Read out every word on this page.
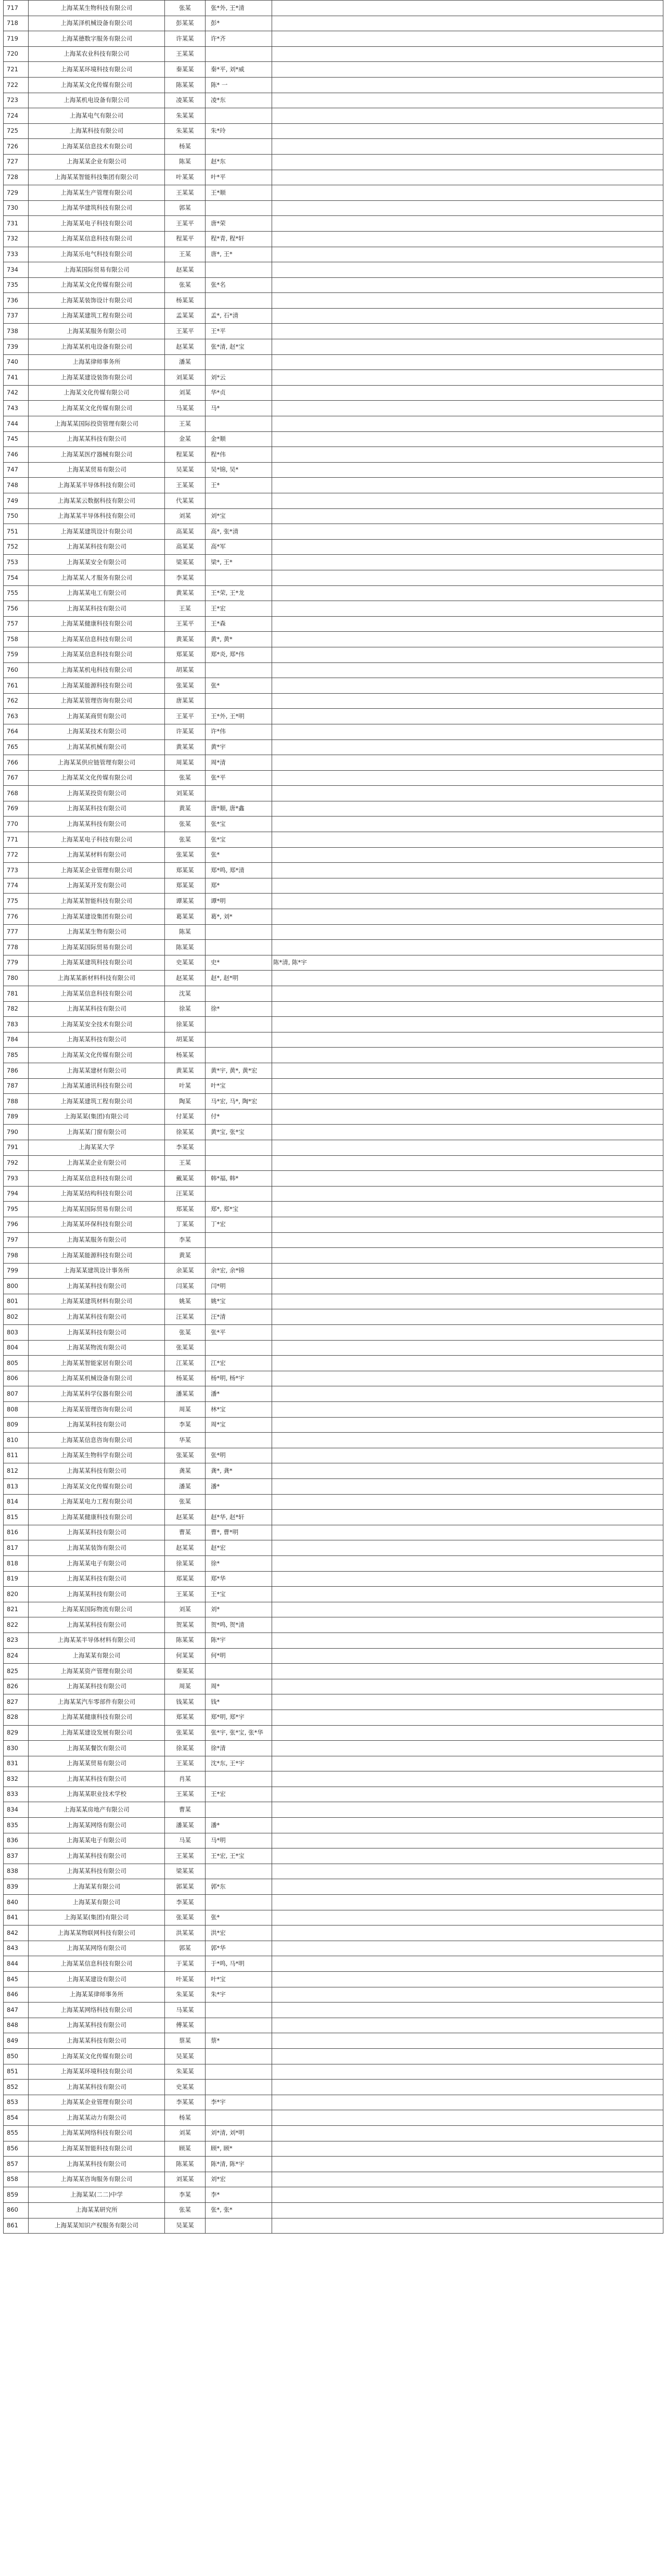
717	上海某某生物科技有限公司	张某	张*外, 王*清	
718	上海某泽机械设备有限公司	彭某某	彭*	
719	上海某德数字服务有限公司	许某某	许*齐	
720	上海某农业科技有限公司	王某某		
721	上海某某环境科技有限公司	秦某某	秦*平, 刘*威	
722	上海某某文化传媒有限公司	陈某某	陈* 一	
723	上海某机电设备有限公司	凌某某	凌*东	
724	上海某电气有限公司	朱某某		
725	上海某科技有限公司	朱某某	朱*玲	
726	上海某某信息技术有限公司	杨某		
727	上海某某企业有限公司	陈某	赵*东	
728	上海某某智能科技集团有限公司	叶某某	叶*平	
729	上海某某生产管理有限公司	王某某	王*顺	
730	上海某华建筑科技有限公司	郭某		
731	上海某某电子科技有限公司	王某平	唐*荣	
732	上海某某信息科技有限公司	程某平	程*青, 程*轩	
733	上海某乐电气科技有限公司	王某	唐*, 王*	
734	上海某国际贸易有限公司	赵某某		
735	上海某某文化传媒有限公司	张某	张*名	
736	上海某某装饰设计有限公司	杨某某		
737	上海某某建筑工程有限公司	孟某某	孟*, 石*清	
738	上海某某服务有限公司	王某平	王*平	
739	上海某某机电设备有限公司	赵某某	张*清, 赵*宝	
740	上海某律师事务所	潘某		
741	上海某某建设装饰有限公司	刘某某	刘*云	
742	上海某文化传媒有限公司	刘某	华*贞	
743	上海某某文化传媒有限公司	马某某	马*	
744	上海某某国际投资管理有限公司	王某		
745	上海某某科技有限公司	金某	金*顺	
746	上海某某医疗器械有限公司	程某某	程*伟	
747	上海某某贸易有限公司	吴某某	吴*锦, 吴*	
748	上海某某半导体科技有限公司	王某某	王*	
749	上海某某云数据科技有限公司	代某某		
750	上海某某半导体科技有限公司	刘某	刘*宝	
751	上海某某建筑设计有限公司	高某某	高*, 张*清	
752	上海某某科技有限公司	高某某	高*军	
753	上海某某安全有限公司	梁某某	梁*, 王*	
754	上海某某人才服务有限公司	李某某		
755	上海某某电工有限公司	黄某某	王*荣, 王*龙	
756	上海某某科技有限公司	王某	王*宏	
757	上海某某健康科技有限公司	王某平	王*森	
758	上海某某信息科技有限公司	黄某某	黄*, 黄*	
759	上海某某信息科技有限公司	郑某某	郑*炎, 郑*伟	
760	上海某某机电科技有限公司	胡某某		
761	上海某某能源科技有限公司	张某某	张*	
762	上海某某管理咨询有限公司	唐某某		
763	上海某某商贸有限公司	王某平	王*外, 王*明	
764	上海某某技术有限公司	许某某	许*伟	
765	上海某某机械有限公司	黄某某	黄*宇	
766	上海某某供应链管理有限公司	周某某	周*清	
767	上海某某文化传媒有限公司	张某	张*平	
768	上海某某投资有限公司	刘某某		
769	上海某某科技有限公司	黄某	唐*顺, 唐*鑫	
770	上海某某科技有限公司	张某	张*宝	
771	上海某某电子科技有限公司	张某	张*宝	
772	上海某某材料有限公司	张某某	张*	
773	上海某某企业管理有限公司	郑某某	郑*鸣, 郑*清	
774	上海某某开发有限公司	郑某某	郑*	
775	上海某某智能科技有限公司	谭某某	谭*明	
776	上海某某建设集团有限公司	葛某某	葛*, 刘*	
777	上海某某生物有限公司	陈某		
778	上海某某国际贸易有限公司	陈某某		
779	上海某某建筑科技有限公司	史某某	史*	陈*清, 陈*宇
780	上海某某新材料科技有限公司	赵某某	赵*, 赵*明	
781	上海某某信息科技有限公司	沈某		
782	上海某某科技有限公司	徐某	徐*	
783	上海某某安全技术有限公司	徐某某		
784	上海某某科技有限公司	胡某某		
785	上海某某文化传媒有限公司	杨某某		
786	上海某某建材有限公司	黄某某	黄*宇, 黄*, 黄*宏	
787	上海某某通讯科技有限公司	叶某	叶*宝	
788	上海某某建筑工程有限公司	陶某	马*宏, 马*, 陶*宏	
789	上海某某(集团)有限公司	付某某	付*	
790	上海某某门窗有限公司	徐某某	黄*宝, 张*宝	
791	上海某某大学	李某某		
792	上海某某企业有限公司	王某		
793	上海某某信息科技有限公司	戴某某	韩*福, 韩*	
794	上海某某结构科技有限公司	汪某某		
795	上海某某国际贸易有限公司	郑某某	郑*, 郑*宝	
796	上海某某环保科技有限公司	丁某某	丁*宏	
797	上海某某服务有限公司	李某		
798	上海某某能源科技有限公司	黄某		
799	上海某某建筑设计事务所	余某某	余*宏, 余*锦	
800	上海某某科技有限公司	闫某某	闫*明	
801	上海某某建筑材料有限公司	姚某	姚*宝	
802	上海某某科技有限公司	汪某某	汪*清	
803	上海某某科技有限公司	张某	张*平	
804	上海某某物流有限公司	张某某		
805	上海某某智能家居有限公司	江某某	江*宏	
806	上海某某机械设备有限公司	杨某某	杨*明, 杨*宇	
807	上海某某科学仪器有限公司	潘某某	潘*	
808	上海某某管理咨询有限公司	周某	林*宝	
809	上海某某科技有限公司	李某	周*宝	
810	上海某某信息咨询有限公司	华某		
811	上海某某生物科学有限公司	张某某	张*明	
812	上海某某科技有限公司	龚某	龚*, 龚*	
813	上海某某文化传媒有限公司	潘某	潘*	
814	上海某某电力工程有限公司	张某		
815	上海某某健康科技有限公司	赵某某	赵*华, 赵*轩	
816	上海某某科技有限公司	曹某	曹*, 曹*明	
817	上海某某装饰有限公司	赵某某	赵*宏	
818	上海某某电子有限公司	徐某某	徐*	
819	上海某某科技有限公司	郑某某	郑*华	
820	上海某某科技有限公司	王某某	王*宝	
821	上海某某国际物流有限公司	刘某	刘*	
822	上海某某科技有限公司	贺某某	贺*鸣, 贺*清	
823	上海某某半导体材料有限公司	陈某某	陈*宇	
824	上海某某有限公司	何某某	何*明	
825	上海某某资产管理有限公司	秦某某		
826	上海某某科技有限公司	周某	周*	
827	上海某某汽车零部件有限公司	钱某某	钱*	
828	上海某某健康科技有限公司	郑某某	郑*明, 郑*宇	
829	上海某某建设发展有限公司	张某某	张*宇, 张*宝, 张*华	
830	上海某某餐饮有限公司	徐某某	徐*清	
831	上海某某贸易有限公司	王某某	沈*东, 王*宇	
832	上海某某科技有限公司	肖某		
833	上海某某职业技术学校	王某某	王*宏	
834	上海某某房地产有限公司	曹某		
835	上海某某网络有限公司	潘某某	潘*	
836	上海某某电子有限公司	马某	马*明	
837	上海某某科技有限公司	王某某	王*宏, 王*宝	
838	上海某某科技有限公司	梁某某		
839	上海某某有限公司	郭某某	郭*东	
840	上海某某有限公司	李某某		
841	上海某某(集团)有限公司	张某某	张*	
842	上海某某物联网科技有限公司	洪某某	洪*宏	
843	上海某某网络有限公司	郭某	郭*华	
844	上海某某信息科技有限公司	于某某	于*鸣, 马*明	
845	上海某某建设有限公司	叶某某	叶*宝	
846	上海某某律师事务所	朱某某	朱*宇	
847	上海某某网络科技有限公司	马某某		
848	上海某某科技有限公司	傅某某		
849	上海某某科技有限公司	蔡某	蔡*	
850	上海某某文化传媒有限公司	吴某某		
851	上海某某环境科技有限公司	朱某某		
852	上海某某科技有限公司	史某某		
853	上海某某企业管理有限公司	李某某	李*宇	
854	上海某某动力有限公司	杨某		
855	上海某某网络科技有限公司	刘某	刘*清, 刘*明	
856	上海某某智能科技有限公司	顾某	顾*, 顾*	
857	上海某某科技有限公司	陈某某	陈*清, 陈*宇	
858	上海某某咨询服务有限公司	刘某某	刘*宏	
859	上海某某(二二)中学	李某	李*	
860	上海某某研究所	张某	张*, 张*	
861	上海某某知识产权服务有限公司	吴某某		
